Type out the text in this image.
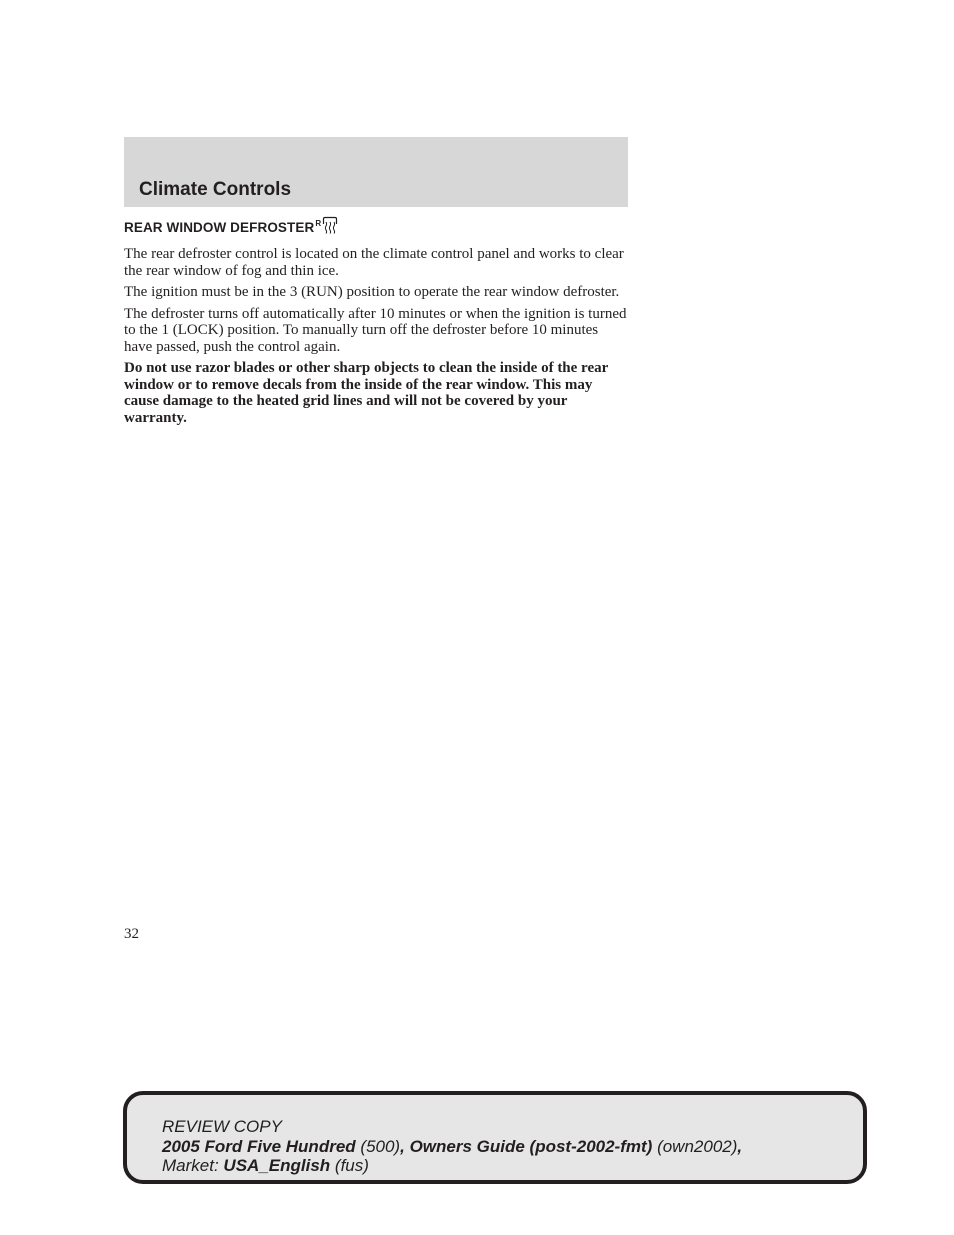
Climate Controls
REAR WINDOW DEFROSTER R

The rear defroster control is located on the climate control panel and works to clear the rear window of fog and thin ice.

The ignition must be in the 3 (RUN) position to operate the rear window defroster.

The defroster turns off automatically after 10 minutes or when the ignition is turned to the 1 (LOCK) position. To manually turn off the defroster before 10 minutes have passed, push the control again.

Do not use razor blades or other sharp objects to clean the inside of the rear window or to remove decals from the inside of the rear window. This may cause damage to the heated grid lines and will not be covered by your warranty.

32

REVIEW COPY
2005 Ford Five Hundred (500), Owners Guide (post-2002-fmt) (own2002),
Market: USA_English (fus)
